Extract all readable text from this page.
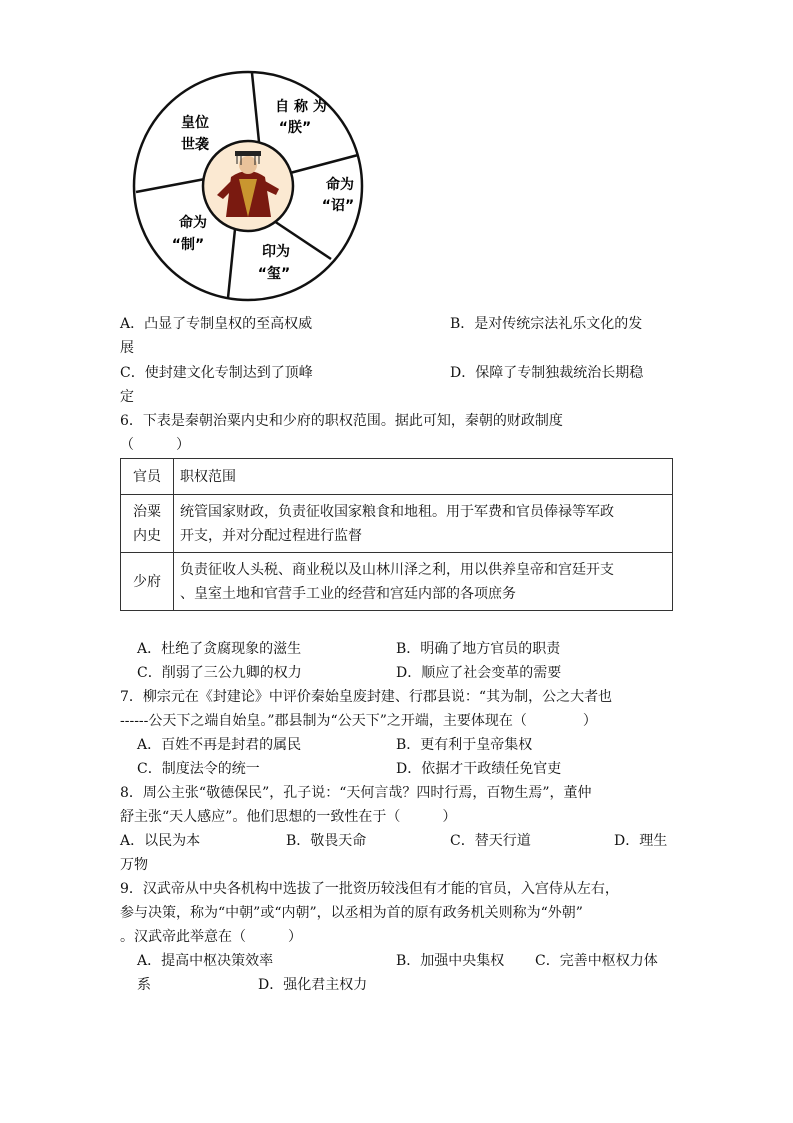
自 称 为
“朕”
命为
“诏”
印为
“玺”
命为
“制”
皇位
世袭
A．凸显了专制皇权的至高权威	B．是对传统宗法礼乐文化的发
展
C．使封建文化专制达到了顶峰	D．保障了专制独裁统治长期稳
定
6．下表是秦朝治粟内史和少府的职权范围。据此可知，秦朝的财政制度
（　　　）
官员	职权范围
治粟
内史	统管国家财政，负责征收国家粮食和地租。用于军费和官员俸禄等军政
开支，并对分配过程进行监督
少府	负责征收人头税、商业税以及山林川泽之利，用以供养皇帝和宫廷开支
、皇室土地和官营手工业的经营和宫廷内部的各项庶务
A．杜绝了贪腐现象的滋生	B．明确了地方官员的职责
C．削弱了三公九卿的权力	D．顺应了社会变革的需要
7．柳宗元在《封建论》中评价秦始皇废封建、行郡县说：“其为制，公之大者也
------公天下之端自始皇。”郡县制为“公天下”之开端，主要体现在（　　　　）
A．百姓不再是封君的属民	B．更有利于皇帝集权
C．制度法令的统一	D．依据才干政绩任免官吏
8．周公主张“敬德保民”，孔子说：“天何言哉？四时行焉，百物生焉”，董仲
舒主张“天人感应”。他们思想的一致性在于（　　　）
A．以民为本	B．敬畏天命	C．替天行道	D．理生
万物
9．汉武帝从中央各机构中选拔了一批资历较浅但有才能的官员，入宫侍从左右，
参与决策，称为“中朝”或“内朝”，以丞相为首的原有政务机关则称为“外朝”
。汉武帝此举意在（　　　）
A．提高中枢决策效率	B．加强中央集权 C．完善中枢权力体
系	D．强化君主权力
